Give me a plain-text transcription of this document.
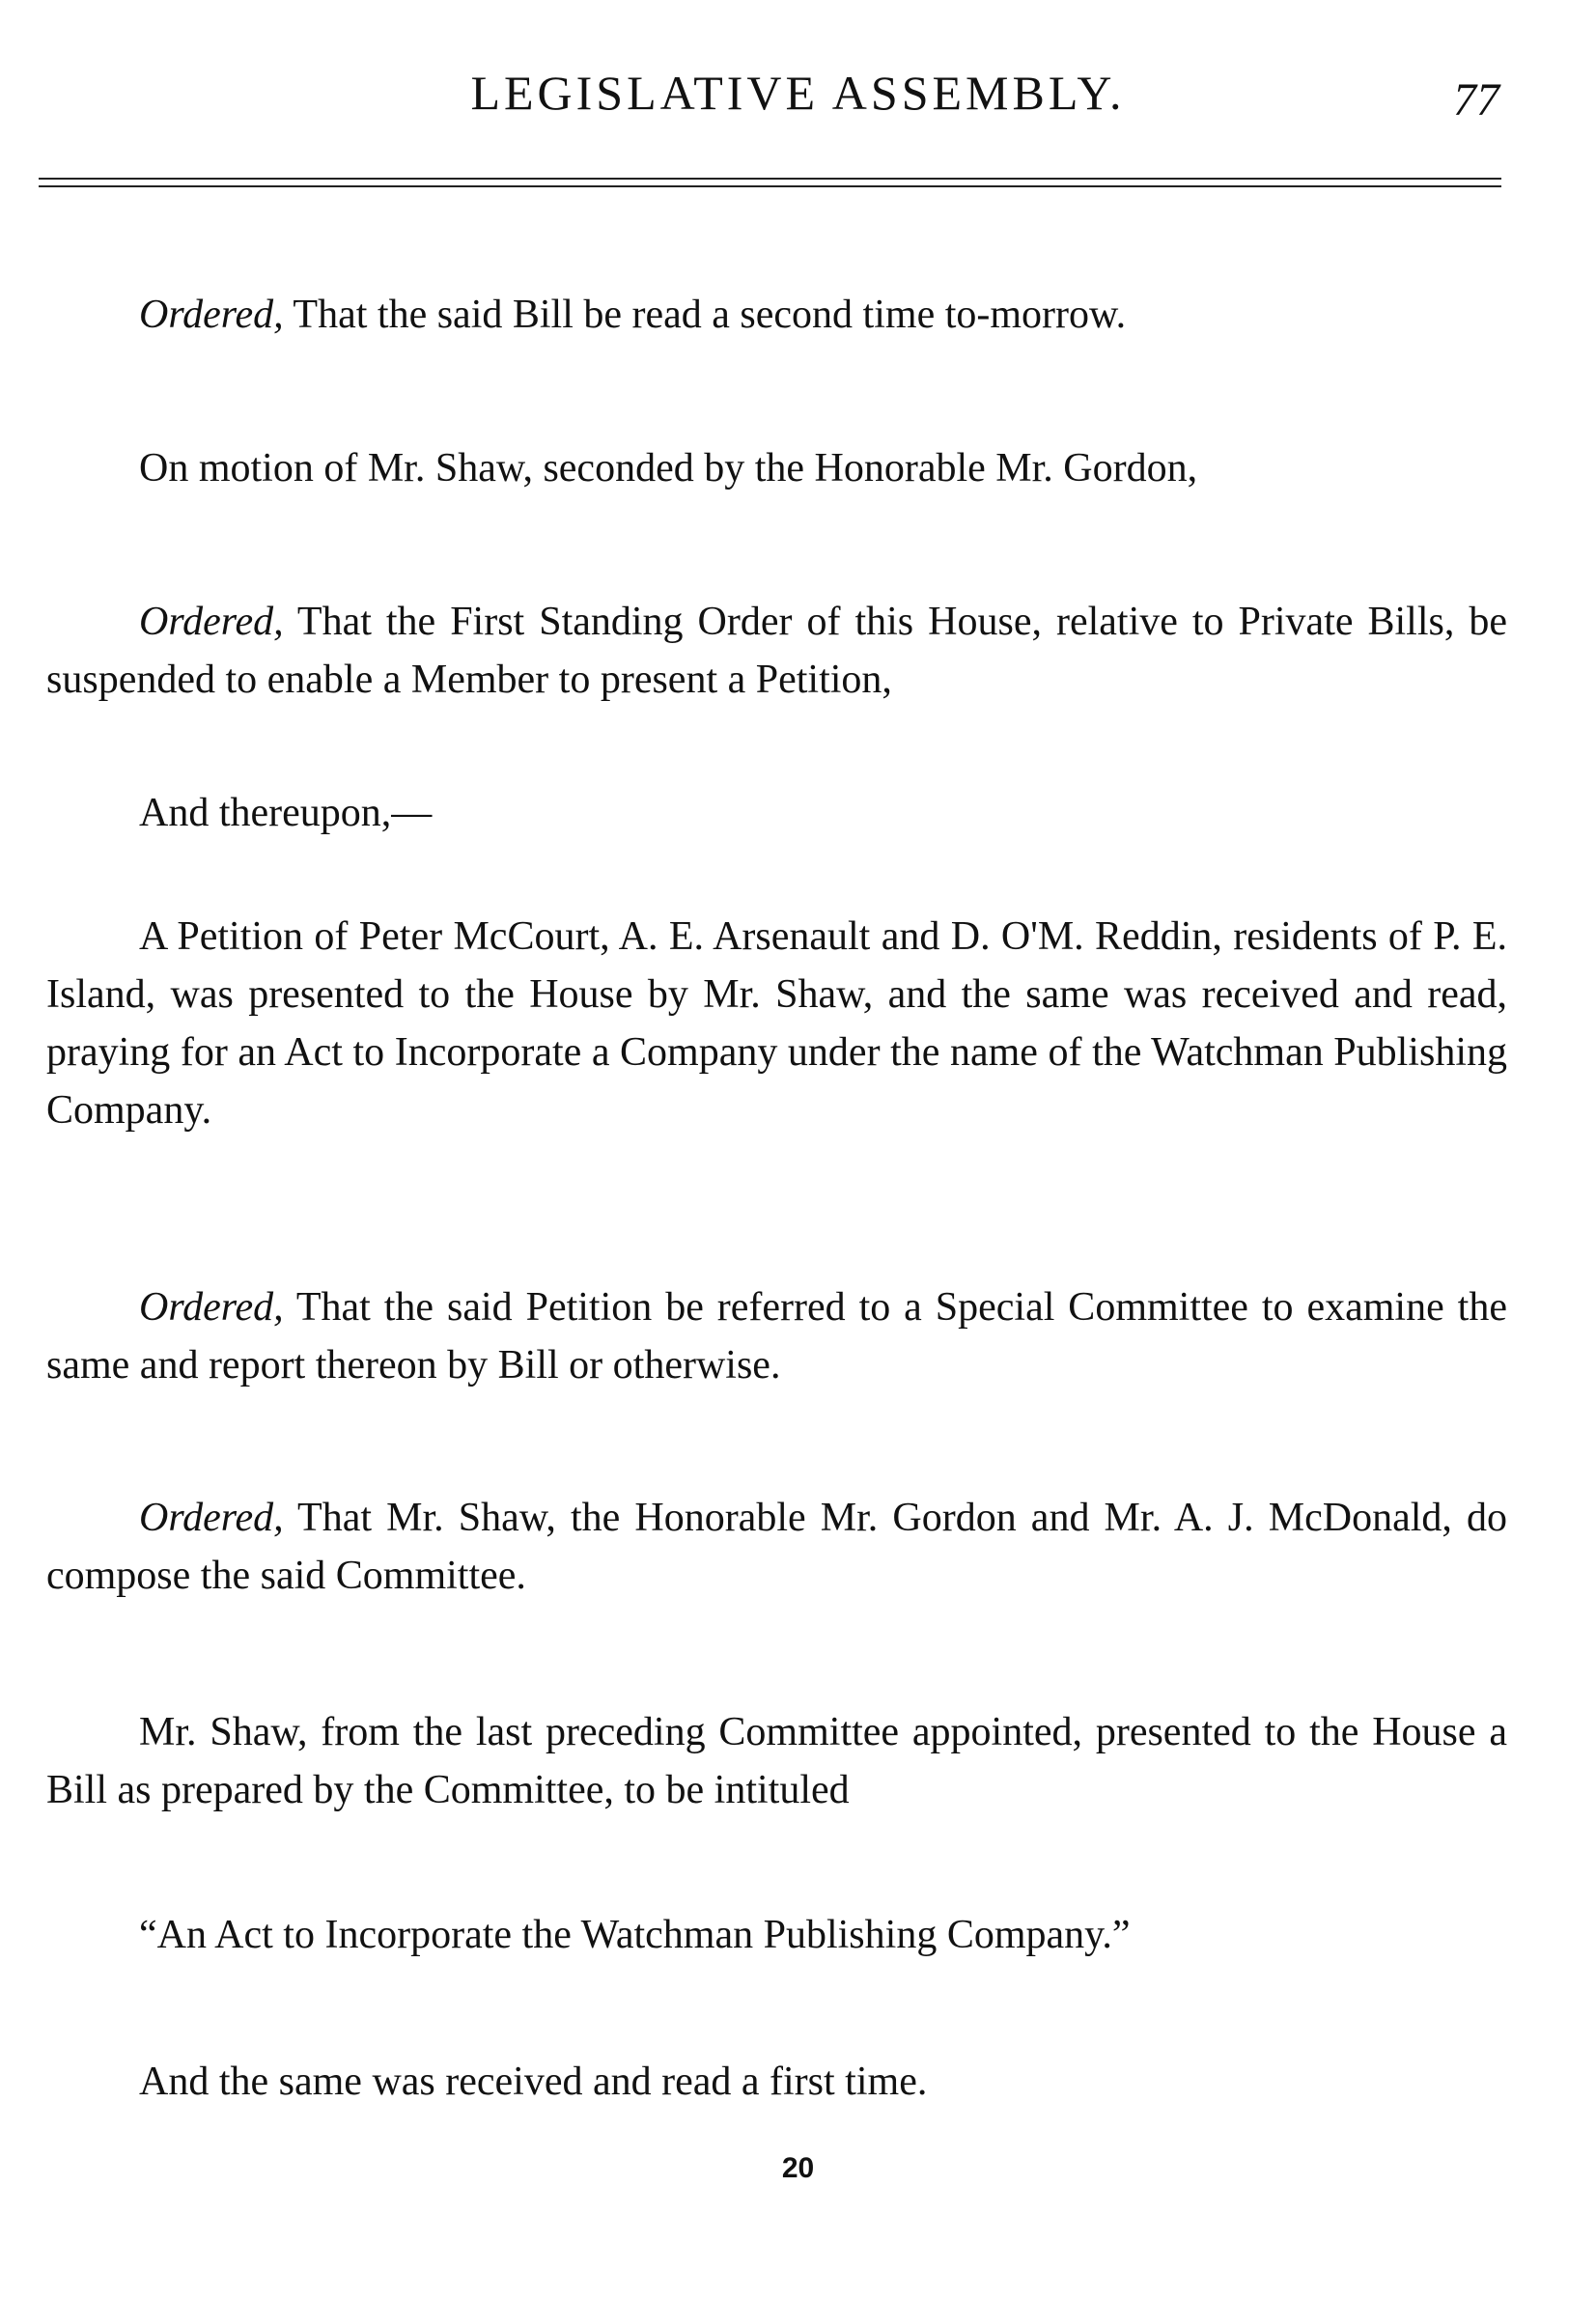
LEGISLATIVE ASSEMBLY.	77

Ordered, That the said Bill be read a second time to-morrow.

On motion of Mr. Shaw, seconded by the Honorable Mr. Gordon,

Ordered, That the First Standing Order of this House, relative to Private Bills, be suspended to enable a Member to present a Petition,

And thereupon,—

A Petition of Peter McCourt, A. E. Arsenault and D. O'M. Reddin, residents of P. E. Island, was presented to the House by Mr. Shaw, and the same was received and read, praying for an Act to Incorporate a Company under the name of the Watchman Publishing Company.

Ordered, That the said Petition be referred to a Special Committee to examine the same and report thereon by Bill or otherwise.

Ordered, That Mr. Shaw, the Honorable Mr. Gordon and Mr. A. J. McDonald, do compose the said Committee.

Mr. Shaw, from the last preceding Committee appointed, presented to the House a Bill as prepared by the Committee, to be intituled

“An Act to Incorporate the Watchman Publishing Company.”

And the same was received and read a first time.

20
